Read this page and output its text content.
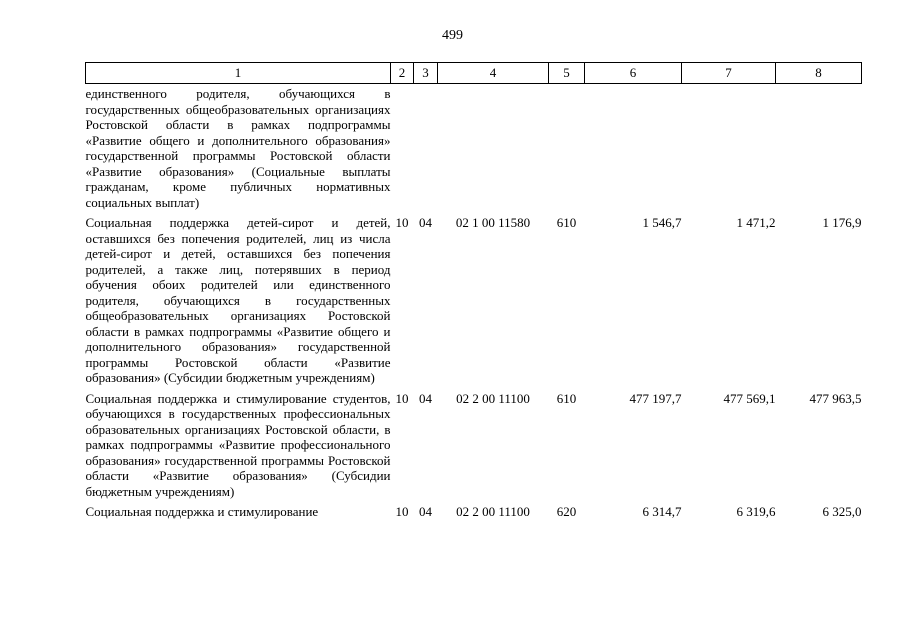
499
1	2	3	4	5	6	7	8
единственного родителя, обучающихся в государственных общеобразовательных организациях Ростовской области в рамках подпрограммы «Развитие общего и дополнительного образования» государственной программы Ростовской области «Развитие образования» (Социальные выплаты гражданам, кроме публичных нормативных социальных выплат)							
Социальная поддержка детей-сирот и детей, оставшихся без попечения родителей, лиц из числа детей-сирот и детей, оставшихся без попечения родителей, а также лиц, потерявших в период обучения обоих родителей или единственного родителя, обучающихся в государственных общеобразовательных организациях Ростовской области в рамках подпрограммы «Развитие общего и дополнительного образования» государственной программы Ростовской области «Развитие образования» (Субсидии бюджетным учреждениям)	10	04	02 1 00 11580	610	1 546,7	1 471,2	1 176,9
Социальная поддержка и стимулирование студентов, обучающихся в государственных профессиональных образовательных организациях Ростовской области, в рамках подпрограммы «Развитие профессионального образования» государственной программы Ростовской области «Развитие образования» (Субсидии бюджетным учреждениям)	10	04	02 2 00 11100	610	477 197,7	477 569,1	477 963,5
Социальная поддержка и стимулирование	10	04	02 2 00 11100	620	6 314,7	6 319,6	6 325,0
